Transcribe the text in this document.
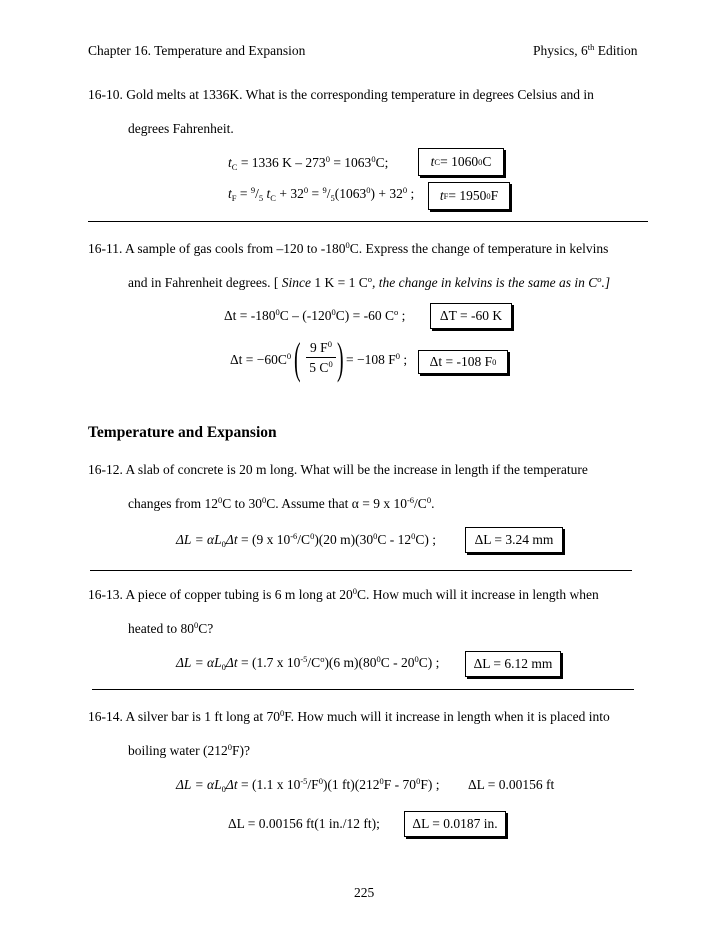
Chapter 16. Temperature and Expansion	Physics, 6th Edition
16-10. Gold melts at 1336K. What is the corresponding temperature in degrees Celsius and in
degrees Fahrenheit.
$t_C = 1336$ $K - 273^0 = 1063^0C$;	t C = 1060 0 C
$t_F = ^9/_5$ $t_C + 32^0 = ^9/_5(1063^0) + 32^0$ ; t F = 1950 0 F
16-11. A sample of gas cools from –120 to $-180^0C$. Express the change of temperature in kelvins
and in Fahrenheit degrees. [ Since 1 K = 1 $C^o$, the change in kelvins is the same as in $C^o$.]
$\Delta t = -180^0C - (-120^0C) = -60$ $C^o$ ;	ΔT = -60 K
$\Delta t = -60C^0$ ( 9 $F^0$
5 $C^0$ ) = −108 $F^0$ ; Δt = -108 F 0
Temperature and Expansion
16-12. A slab of concrete is 20 m long. What will be the increase in length if the temperature
changes from $12^0C$ to $30^0C$. Assume that α = 9 x $10^{-6}/C^0$.
$\Delta L = \alpha L_0\Delta t = (9$ x $10^{-6}/C^0)(20$ $m)(30^0C - 12^0C)$ ;	ΔL = 3.24 mm
16-13. A piece of copper tubing is 6 m long at $20^0C$. How much will it increase in length when
heated to $80^0C$?
$\Delta L = \alpha L_0\Delta t = (1.7$ x $10^{-5}/C^o)(6$ $m)(80^0C - 20^0C)$ ;	ΔL = 6.12 mm
16-14. A silver bar is 1 ft long at $70^0F$. How much will it increase in length when it is placed into
boiling water $(212^0F)$?
$\Delta L = \alpha L_0\Delta t = (1.1$ x $10^{-5}/F^0)(1$ $ft)(212^0F - 70^0F)$ ; ΔL = 0.00156 ft
ΔL = 0.00156 ft(1 in./12 ft);	ΔL = 0.0187 in.
225
